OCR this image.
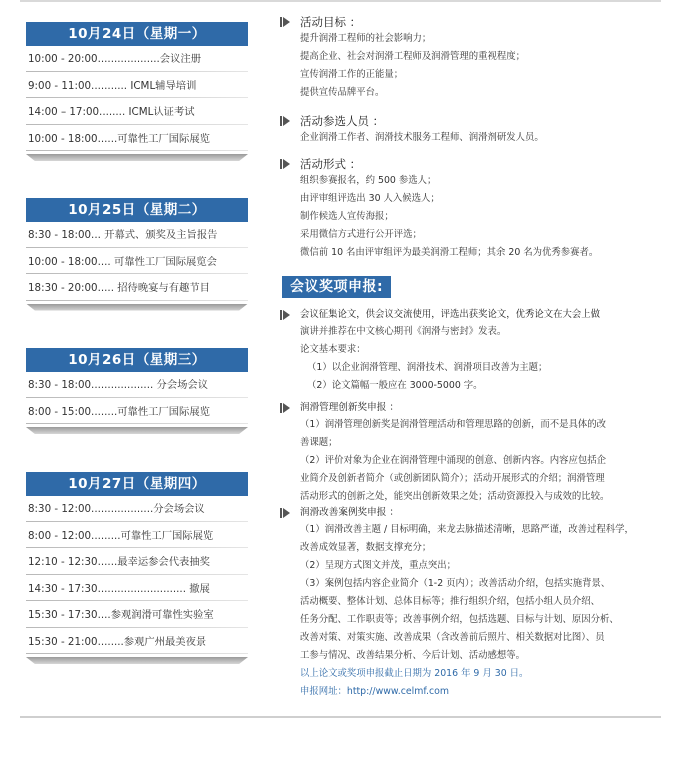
10月24日（星期一）
10:00 - 20:00...................会议注册
9:00 - 11:00........... ICML辅导培训
14:00 – 17:00........ ICML认证考试
10:00 - 18:00......可靠性工厂国际展览
10月25日（星期二）
8:30 - 18:00... 开幕式、颁奖及主旨报告
10:00 - 18:00.... 可靠性工厂国际展览会
18:30 - 20:00..... 招待晚宴与有趣节目
10月26日（星期三）
8:30 - 18:00................... 分会场会议
8:00 - 15:00........可靠性工厂国际展览
10月27日（星期四）
8:30 - 12:00...................分会场会议
8:00 - 12:00.........可靠性工厂国际展览
12:10 - 12:30......最幸运参会代表抽奖
14:30 - 17:30........................... 撤展
15:30 - 17:30....参观润滑可靠性实验室
15:30 - 21:00........参观广州最美夜景
活动目标 ：
提升润滑工程师的社会影响力；
提高企业、社会对润滑工程师及润滑管理的重视程度；
宣传润滑工作的正能量；
提供宣传品牌平台。
活动参选人员 ：
企业润滑工作者、润滑技术服务工程师、润滑剂研发人员。
活动形式 ：
组织参赛报名，约 500 参选人；
由评审组评选出 30 人入候选人；
制作候选人宣传海报；
采用微信方式进行公开评选；
微信前 10 名由评审组评为最美润滑工程师；其余 20 名为优秀参赛者。
会议奖项申报:
会议征集论文，供会议交流使用，评选出获奖论文，优秀论文在大会上做
演讲并推荐在中文核心期刊《润滑与密封》发表。
论文基本要求：
（1）以企业润滑管理、润滑技术、润滑项目改善为主题；
（2）论文篇幅一般应在 3000-5000 字。
润滑管理创新奖申报 ：
（1）润滑管理创新奖是润滑管理活动和管理思路的创新，而不是具体的改
善课题；
（2）评价对象为企业在润滑管理中涌现的创意、创新内容。内容应包括企
业简介及创新者简介（或创新团队简介）；活动开展形式的介绍；润滑管理
活动形式的创新之处，能突出创新效果之处；活动资源投入与成效的比较。
润滑改善案例奖申报 ：
（1）润滑改善主题 / 目标明确，来龙去脉描述清晰，思路严谨，改善过程科学，
改善成效显著，数据支撑充分；
（2）呈现方式图文并茂，重点突出；
（3）案例包括内容企业简介（1-2 页内）；改善活动介绍，包括实施背景、
活动概要、整体计划、总体目标等；推行组织介绍，包括小组人员介绍、
任务分配、工作职责等；改善事例介绍，包括选题、目标与计划、原因分析、
改善对策、对策实施、改善成果（含改善前后照片、相关数据对比图）、员
工参与情况、改善结果分析、今后计划、活动感想等。
以上论文或奖项申报截止日期为 2016 年 9 月 30 日。
申报网址：http://www.celmf.com
